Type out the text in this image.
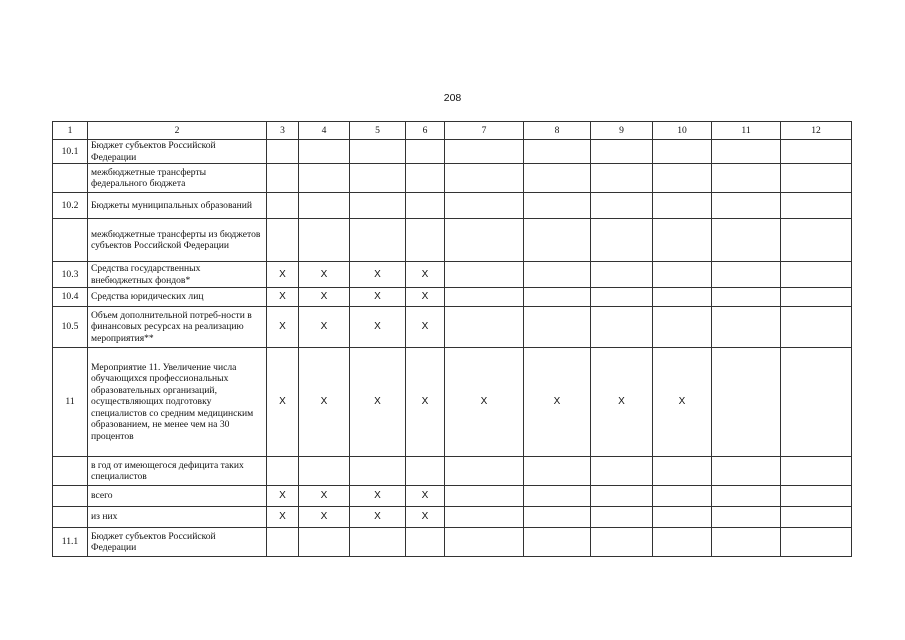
208
1	2	3	4	5	6	7	8	9	10	11	12
10.1	Бюджет субъектов Российской Федерации										
	межбюджетные трансферты федерального бюджета										
10.2	Бюджеты муниципальных образований										
	межбюджетные трансферты из бюджетов субъектов Российской Федерации										
10.3	Средства государственных внебюджетных фондов*	X	X	X	X						
10.4	Средства юридических лиц	X	X	X	X						
10.5	Объем дополнительной потреб-ности в финансовых ресурсах на реализацию мероприятия**	X	X	X	X						
11	Мероприятие 11. Увеличение числа обучающихся профессиональных образовательных организаций, осуществляющих подготовку специалистов со средним медицинским образованием, не менее чем на 30 процентов	X	X	X	X	X	X	X	X		
	в год от имеющегося дефицита таких специалистов										
	всего	X	X	X	X						
	из них	X	X	X	X						
11.1	Бюджет субъектов Российской Федерации										
